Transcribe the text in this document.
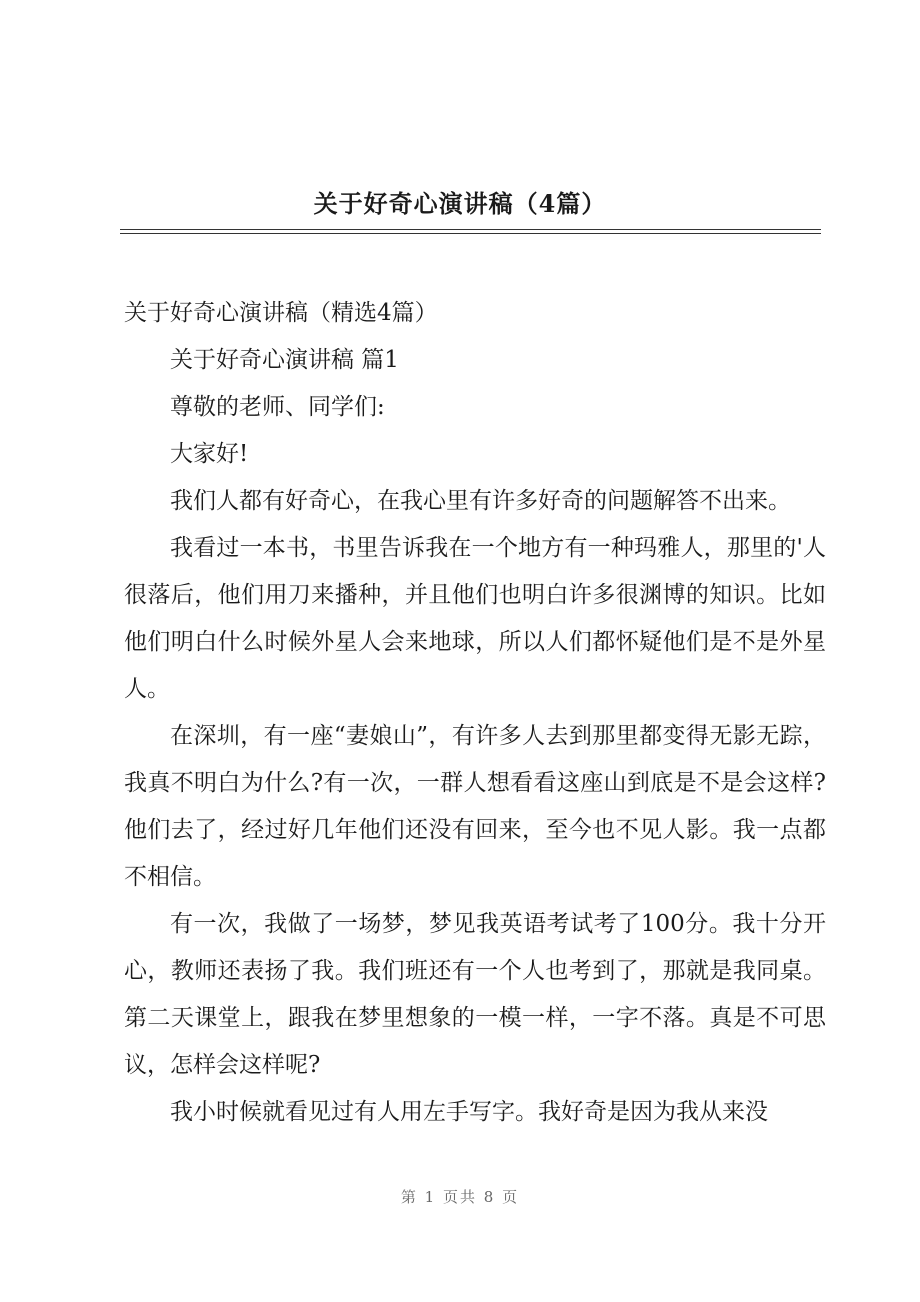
关于好奇心演讲稿（4篇）

关于好奇心演讲稿（精选4篇）

关于好奇心演讲稿 篇1

尊敬的老师、同学们:

大家好!

我们人都有好奇心，在我心里有许多好奇的问题解答不出来。

我看过一本书，书里告诉我在一个地方有一种玛雅人，那里的'人很落后，他们用刀来播种，并且他们也明白许多很渊博的知识。比如他们明白什么时候外星人会来地球，所以人们都怀疑他们是不是外星人。

在深圳，有一座“妻娘山”，有许多人去到那里都变得无影无踪，我真不明白为什么?有一次，一群人想看看这座山到底是不是会这样?他们去了，经过好几年他们还没有回来，至今也不见人影。我一点都不相信。

有一次，我做了一场梦，梦见我英语考试考了100分。我十分开心，教师还表扬了我。我们班还有一个人也考到了，那就是我同桌。第二天课堂上，跟我在梦里想象的一模一样，一字不落。真是不可思议，怎样会这样呢?

我小时候就看见过有人用左手写字。我好奇是因为我从来没

第 1 页共 8 页
